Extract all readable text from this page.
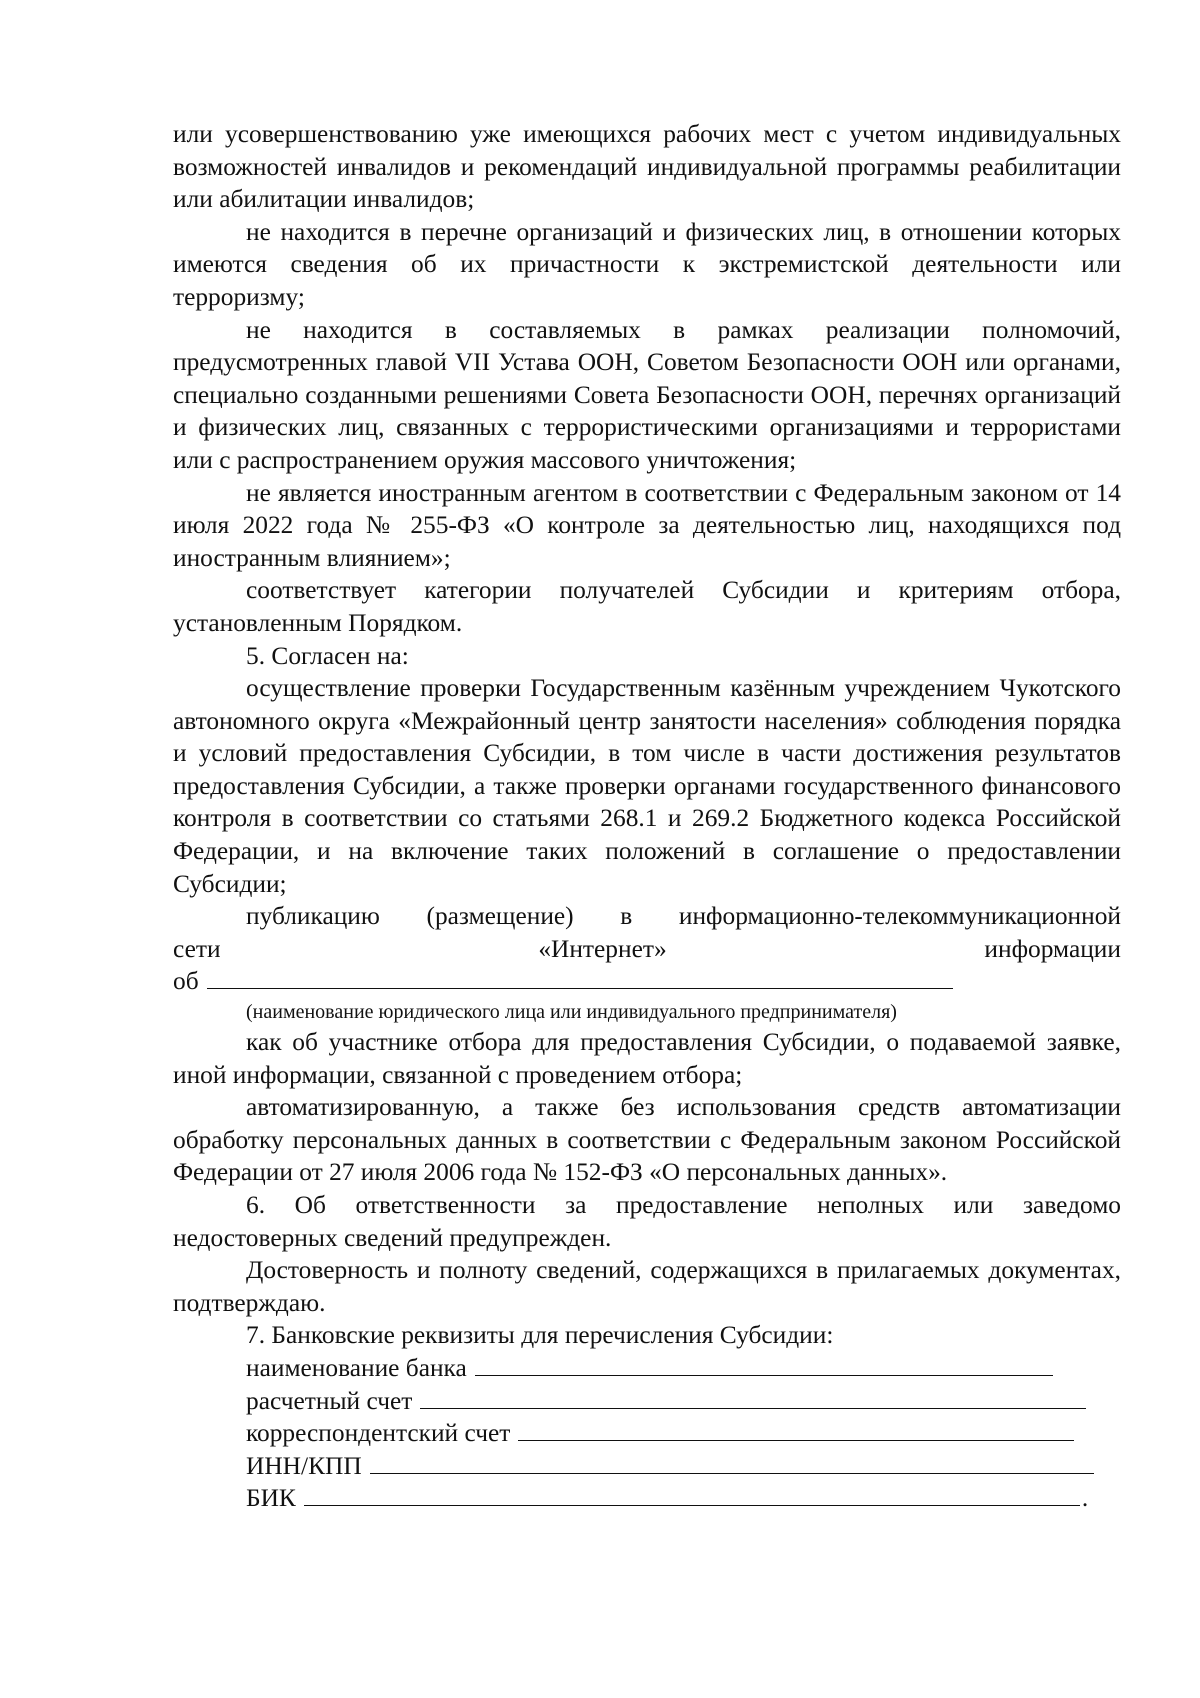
или усовершенствованию уже имеющихся рабочих мест с учетом индивидуальных возможностей инвалидов и рекомендаций индивидуальной программы реабилитации или абилитации инвалидов;

не находится в перечне организаций и физических лиц, в отношении которых имеются сведения об их причастности к экстремистской деятельности или терроризму;

не находится в составляемых в рамках реализации полномочий, предусмотренных главой VII Устава ООН, Советом Безопасности ООН или органами, специально созданными решениями Совета Безопасности ООН, перечнях организаций и физических лиц, связанных с террористическими организациями и террористами или с распространением оружия массового уничтожения;

не является иностранным агентом в соответствии с Федеральным законом от 14 июля 2022 года № 255-ФЗ «О контроле за деятельностью лиц, находящихся под иностранным влиянием»;

соответствует категории получателей Субсидии и критериям отбора, установленным Порядком.

5. Согласен на:

осуществление проверки Государственным казённым учреждением Чукотского автономного округа «Межрайонный центр занятости населения» соблюдения порядка и условий предоставления Субсидии, в том числе в части достижения результатов предоставления Субсидии, а также проверки органами государственного финансового контроля в соответствии со статьями 268.1 и 269.2 Бюджетного кодекса Российской Федерации, и на включение таких положений в соглашение о предоставлении Субсидии;

публикацию (размещение) в информационно-телекоммуникационной
сети	«Интернет»	информации
об
(наименование юридического лица или индивидуального предпринимателя)

как об участнике отбора для предоставления Субсидии, о подаваемой заявке, иной информации, связанной с проведением отбора;

автоматизированную, а также без использования средств автоматизации обработку персональных данных в соответствии с Федеральным законом Российской Федерации от 27 июля 2006 года № 152-ФЗ «О персональных данных».

6. Об ответственности за предоставление неполных или заведомо недостоверных сведений предупрежден.

Достоверность и полноту сведений, содержащихся в прилагаемых документах, подтверждаю.

7. Банковские реквизиты для перечисления Субсидии:

наименование банка
расчетный счет
корреспондентский счет
ИНН/КПП
БИК	.
